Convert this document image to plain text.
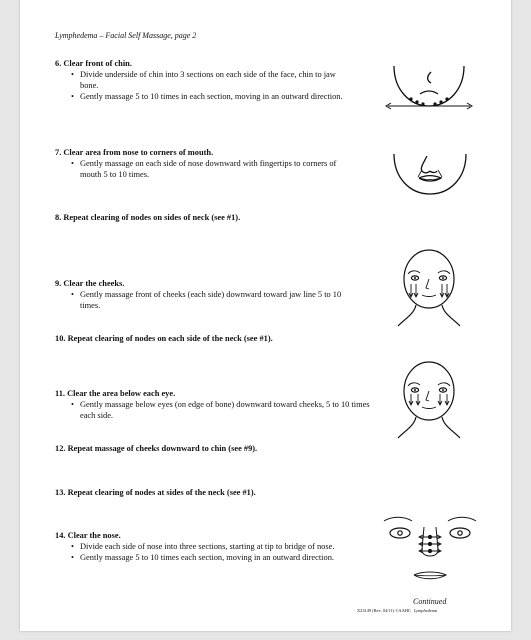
Lymphedema – Facial Self Massage, page 2
6. Clear front of chin.
• Divide underside of chin into 3 sections on each side of the face, chin to jaw bone.
• Gently massage 5 to 10 times in each section, moving in an outward direction.
7. Clear area from nose to corners of mouth.
• Gently massage on each side of nose downward with fingertips to corners of mouth 5 to 10 times.
8. Repeat clearing of nodes on sides of neck (see #1).
9. Clear the cheeks.
• Gently massage front of cheeks (each side) downward toward jaw line 5 to 10 times.
10. Repeat clearing of nodes on each side of the neck (see #1).
11. Clear the area below each eye.
• Gently massage below eyes (on edge of bone) downward toward cheeks, 5 to 10 times each side.
12. Repeat massage of cheeks downward to chin (see #9).
13. Repeat clearing of nodes at sides of the neck (see #1).
14. Clear the nose.
• Divide each side of nose into three sections, starting at tip to bridge of nose.
• Gently massage 5 to 10 times each section, moving in an outward direction.
Continued
X23149 (Rev. 04/11) ©AAHC Lymphedema
